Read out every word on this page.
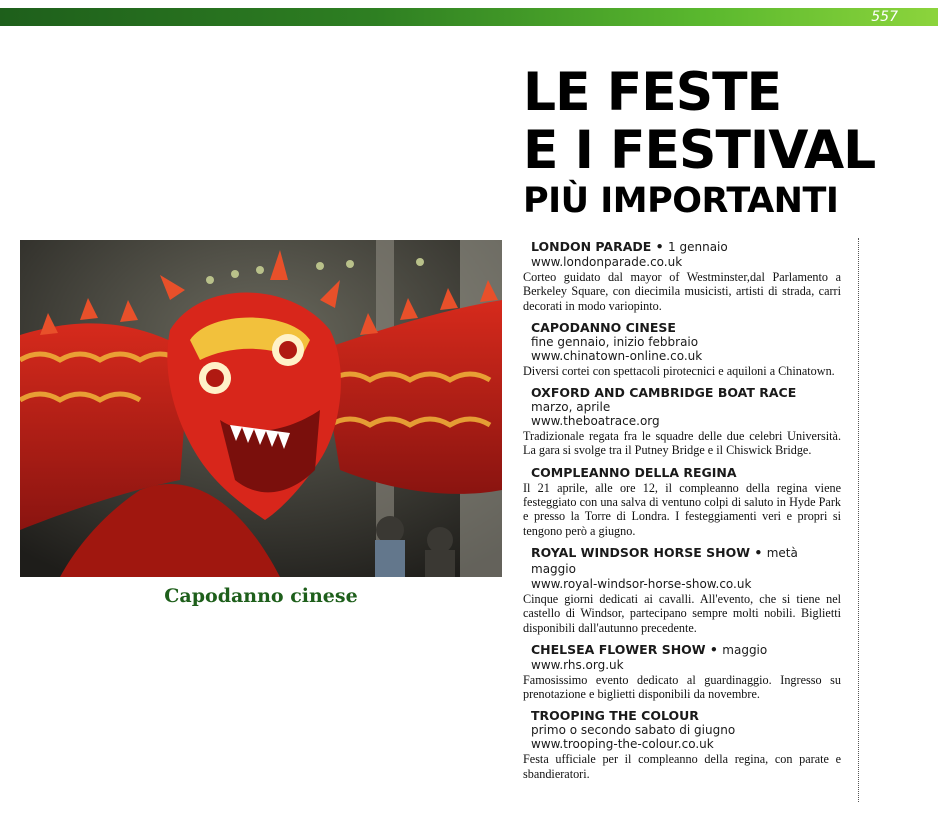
557
Capodanno cinese
LE FESTE
E I FESTIVAL
PIÙ IMPORTANTI
LONDON PARADE • 1 gennaio
www.londonparade.co.uk
Corteo guidato dal mayor of Westminster,dal Parlamento a Berkeley Square, con diecimila musicisti, artisti di strada, carri decorati in modo variopinto.
CAPODANNO CINESE
fine gennaio, inizio febbraio
www.chinatown-online.co.uk
Diversi cortei con spettacoli pirotecnici e aquiloni a Chinatown.
OXFORD AND CAMBRIDGE BOAT RACE
marzo, aprile
www.theboatrace.org
Tradizionale regata fra le squadre delle due celebri Università. La gara si svolge tra il Putney Bridge e il Chiswick Bridge.
COMPLEANNO DELLA REGINA
Il 21 aprile, alle ore 12, il compleanno della regina viene festeggiato con una salva di ventuno colpi di saluto in Hyde Park e presso la Torre di Londra. I festeggiamenti veri e propri si tengono però a giugno.
ROYAL WINDSOR HORSE SHOW • metà maggio
www.royal-windsor-horse-show.co.uk
Cinque giorni dedicati ai cavalli. All'evento, che si tiene nel castello di Windsor, partecipano sempre molti nobili. Biglietti disponibili dall'autunno precedente.
CHELSEA FLOWER SHOW • maggio
www.rhs.org.uk
Famosissimo evento dedicato al guardinaggio. Ingresso su prenotazione e biglietti disponibili da novembre.
TROOPING THE COLOUR
primo o secondo sabato di giugno
www.trooping-the-colour.co.uk
Festa ufficiale per il compleanno della regina, con parate e sbandieratori.
